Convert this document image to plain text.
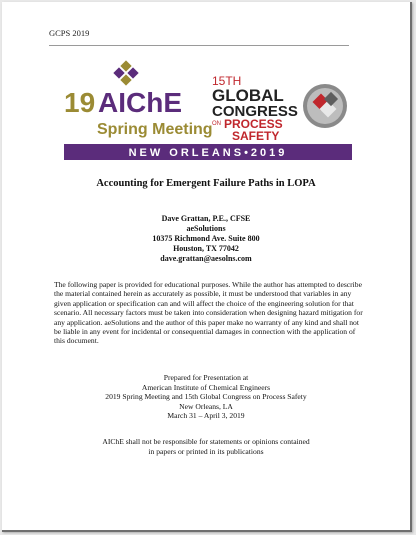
GCPS 2019
19 AIChE
Spring Meeting
15TH
GLOBAL
CONGRESS
ON PROCESS
SAFETY
NEW ORLEANS•2019
Accounting for Emergent Failure Paths in LOPA
Dave Grattan, P.E., CFSE
aeSolutions
10375 Richmond Ave. Suite 800
Houston, TX 77042
dave.grattan@aesolns.com
The following paper is provided for educational purposes. While the author has attempted to describe the material contained herein as accurately as possible, it must be understood that variables in any given application or specification can and will affect the choice of the engineering solution for that scenario. All necessary factors must be taken into consideration when designing hazard mitigation for any application. aeSolutions and the author of this paper make no warranty of any kind and shall not be liable in any event for incidental or consequential damages in connection with the application of this document.
Prepared for Presentation at
American Institute of Chemical Engineers
2019 Spring Meeting and 15th Global Congress on Process Safety
New Orleans, LA
March 31 – April 3, 2019
AIChE shall not be responsible for statements or opinions contained
in papers or printed in its publications
